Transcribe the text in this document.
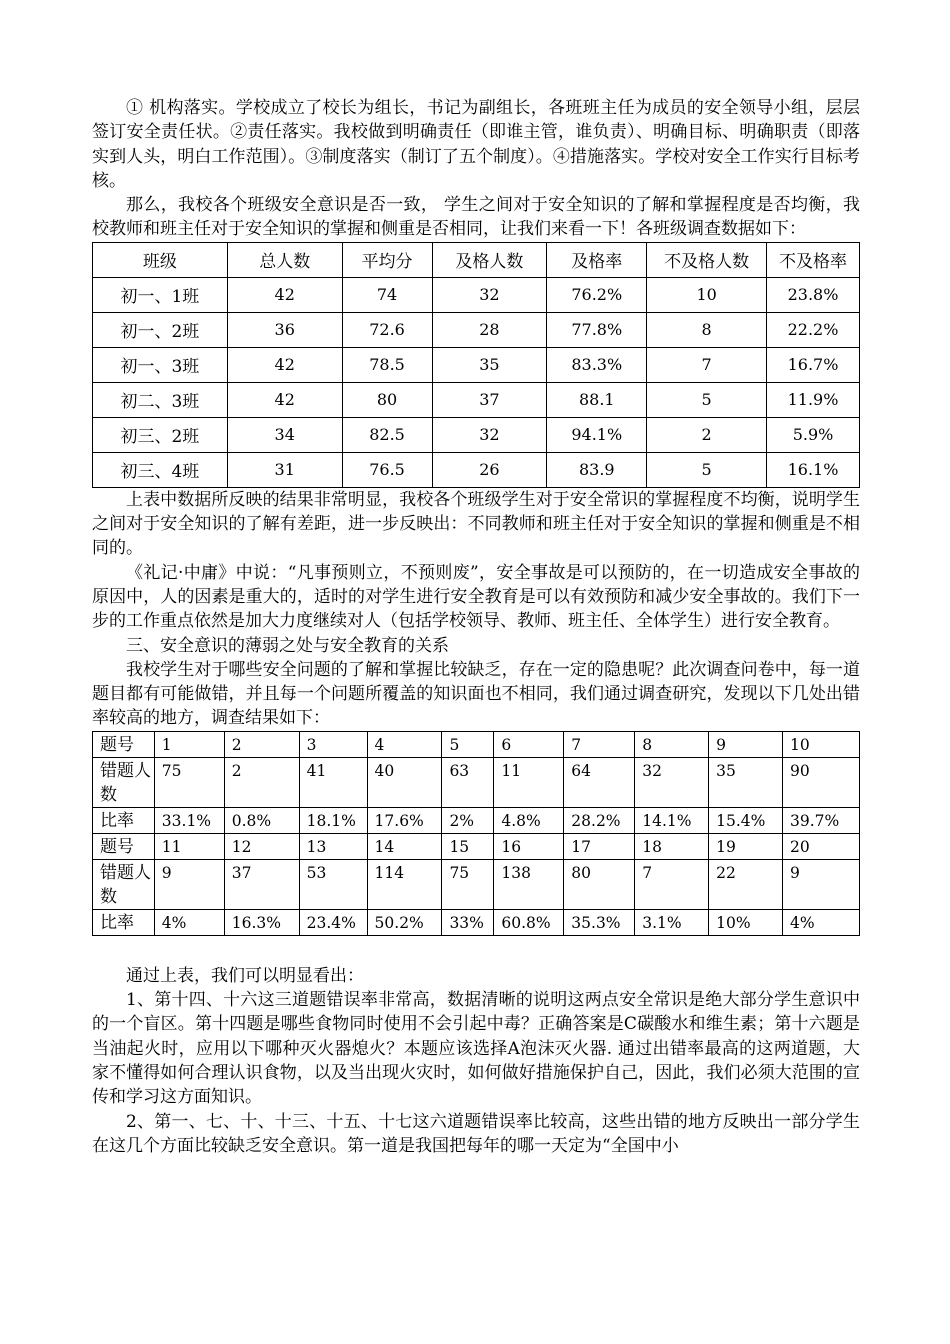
① 机构落实。学校成立了校长为组长，书记为副组长，各班班主任为成员的安全领导小组，层层签订安全责任状。②责任落实。我校做到明确责任（即谁主管，谁负责）、明确目标、明确职责（即落实到人头，明白工作范围）。③制度落实（制订了五个制度）。④措施落实。学校对安全工作实行目标考核。

那么，我校各个班级安全意识是否一致， 学生之间对于安全知识的了解和掌握程度是否均衡，我校教师和班主任对于安全知识的掌握和侧重是否相同，让我们来看一下！各班级调查数据如下：

班级	总人数	平均分	及格人数	及格率	不及格人数	不及格率
初一、1班	42	74	32	76.2%	10	23.8%
初一、2班	36	72.6	28	77.8%	8	22.2%
初一、3班	42	78.5	35	83.3%	7	16.7%
初二、3班	42	80	37	88.1	5	11.9%
初三、2班	34	82.5	32	94.1%	2	5.9%
初三、4班	31	76.5	26	83.9	5	16.1%

上表中数据所反映的结果非常明显，我校各个班级学生对于安全常识的掌握程度不均衡，说明学生之间对于安全知识的了解有差距，进一步反映出：不同教师和班主任对于安全知识的掌握和侧重是不相同的。

《礼记·中庸》中说：“凡事预则立，不预则废”，安全事故是可以预防的，在一切造成安全事故的原因中，人的因素是重大的，适时的对学生进行安全教育是可以有效预防和减少安全事故的。我们下一步的工作重点依然是加大力度继续对人（包括学校领导、教师、班主任、全体学生）进行安全教育。

三、安全意识的薄弱之处与安全教育的关系

我校学生对于哪些安全问题的了解和掌握比较缺乏，存在一定的隐患呢？此次调查问卷中，每一道题目都有可能做错，并且每一个问题所覆盖的知识面也不相同，我们通过调查研究，发现以下几处出错率较高的地方，调查结果如下：

题号	1	2	3	4	5	6	7	8	9	10
错题人数	75	2	41	40	63	11	64	32	35	90
比率	33.1%	0.8%	18.1%	17.6%	2%	4.8%	28.2%	14.1%	15.4%	39.7%
题号	11	12	13	14	15	16	17	18	19	20
错题人数	9	37	53	114	75	138	80	7	22	9
比率	4%	16.3%	23.4%	50.2%	33%	60.8%	35.3%	3.1%	10%	4%

通过上表，我们可以明显看出：

1、第十四、十六这三道题错误率非常高，数据清晰的说明这两点安全常识是绝大部分学生意识中的一个盲区。第十四题是哪些食物同时使用不会引起中毒？正确答案是C碳酸水和维生素；第十六题是当油起火时，应用以下哪种灭火器熄火？本题应该选择A泡沫灭火器. 通过出错率最高的这两道题，大家不懂得如何合理认识食物，以及当出现火灾时，如何做好措施保护自己，因此，我们必须大范围的宣传和学习这方面知识。

2、第一、七、十、十三、十五、十七这六道题错误率比较高，这些出错的地方反映出一部分学生在这几个方面比较缺乏安全意识。第一道是我国把每年的哪一天定为“全国中小
